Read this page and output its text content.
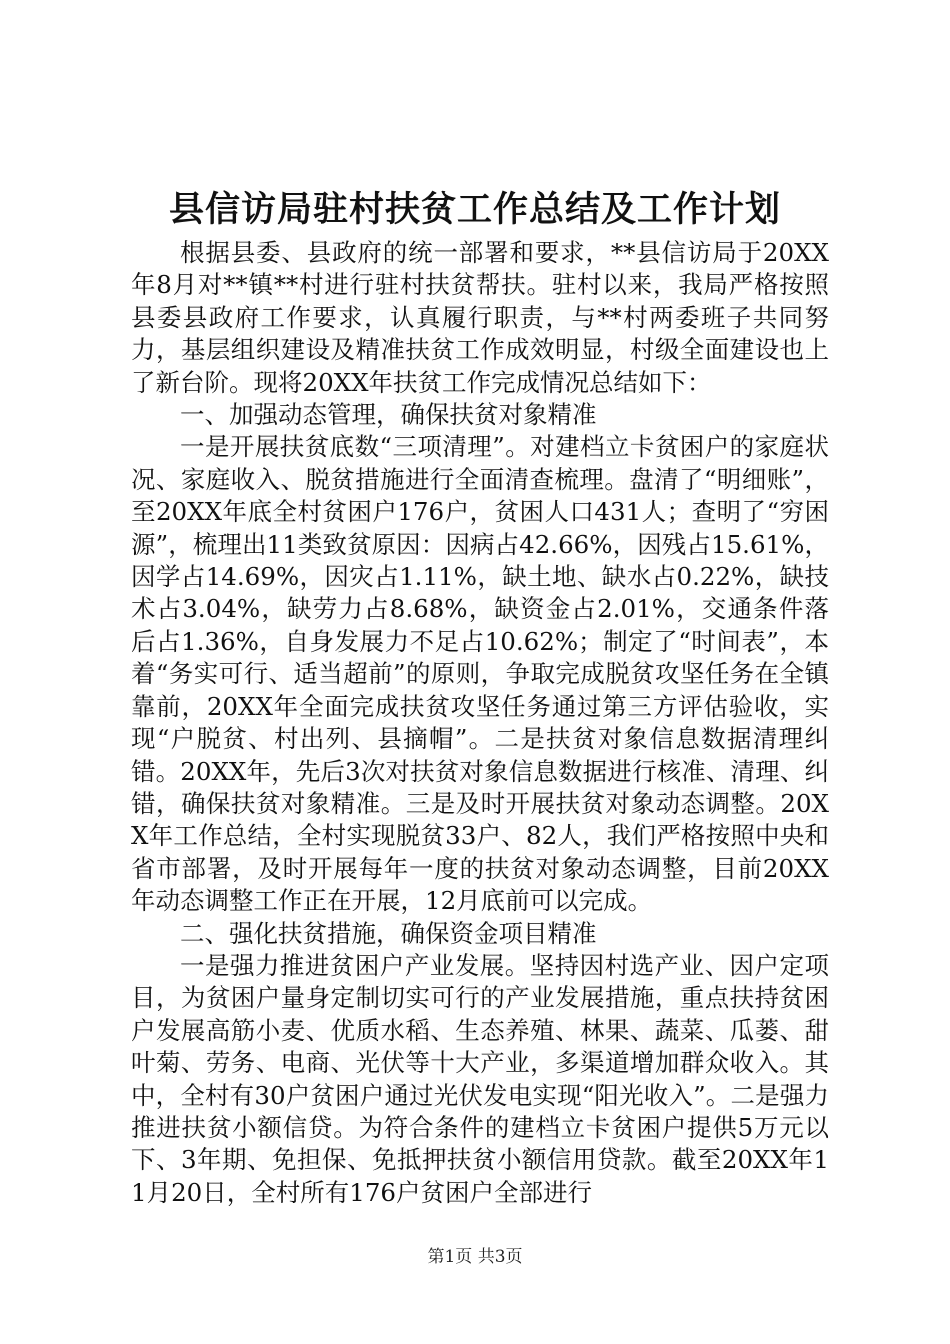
县信访局驻村扶贫工作总结及工作计划

根据县委、县政府的统一部署和要求，**县信访局于20XX年8月对**镇**村进行驻村扶贫帮扶。驻村以来，我局严格按照县委县政府工作要求，认真履行职责，与**村两委班子共同努力，基层组织建设及精准扶贫工作成效明显，村级全面建设也上了新台阶。现将20XX年扶贫工作完成情况总结如下：

一、加强动态管理，确保扶贫对象精准

一是开展扶贫底数“三项清理”。对建档立卡贫困户的家庭状况、家庭收入、脱贫措施进行全面清查梳理。盘清了“明细账”，至20XX年底全村贫困户176户，贫困人口431人；查明了“穷困源”，梳理出11类致贫原因：因病占42.66%，因残占15.61%，因学占14.69%，因灾占1.11%，缺土地、缺水占0.22%，缺技术占3.04%，缺劳力占8.68%，缺资金占2.01%，交通条件落后占1.36%，自身发展力不足占10.62%；制定了“时间表”，本着“务实可行、适当超前”的原则，争取完成脱贫攻坚任务在全镇靠前，20XX年全面完成扶贫攻坚任务通过第三方评估验收，实现“户脱贫、村出列、县摘帽”。二是扶贫对象信息数据清理纠错。20XX年，先后3次对扶贫对象信息数据进行核准、清理、纠错，确保扶贫对象精准。三是及时开展扶贫对象动态调整。20XX年工作总结，全村实现脱贫33户、82人，我们严格按照中央和省市部署，及时开展每年一度的扶贫对象动态调整，目前20XX年动态调整工作正在开展，12月底前可以完成。

二、强化扶贫措施，确保资金项目精准

一是强力推进贫困户产业发展。坚持因村选产业、因户定项目，为贫困户量身定制切实可行的产业发展措施，重点扶持贫困户发展高筋小麦、优质水稻、生态养殖、林果、蔬菜、瓜蒌、甜叶菊、劳务、电商、光伏等十大产业，多渠道增加群众收入。其中，全村有30户贫困户通过光伏发电实现“阳光收入”。二是强力推进扶贫小额信贷。为符合条件的建档立卡贫困户提供5万元以下、3年期、免担保、免抵押扶贫小额信用贷款。截至20XX年11月20日，全村所有176户贫困户全部进行

第1页 共3页
